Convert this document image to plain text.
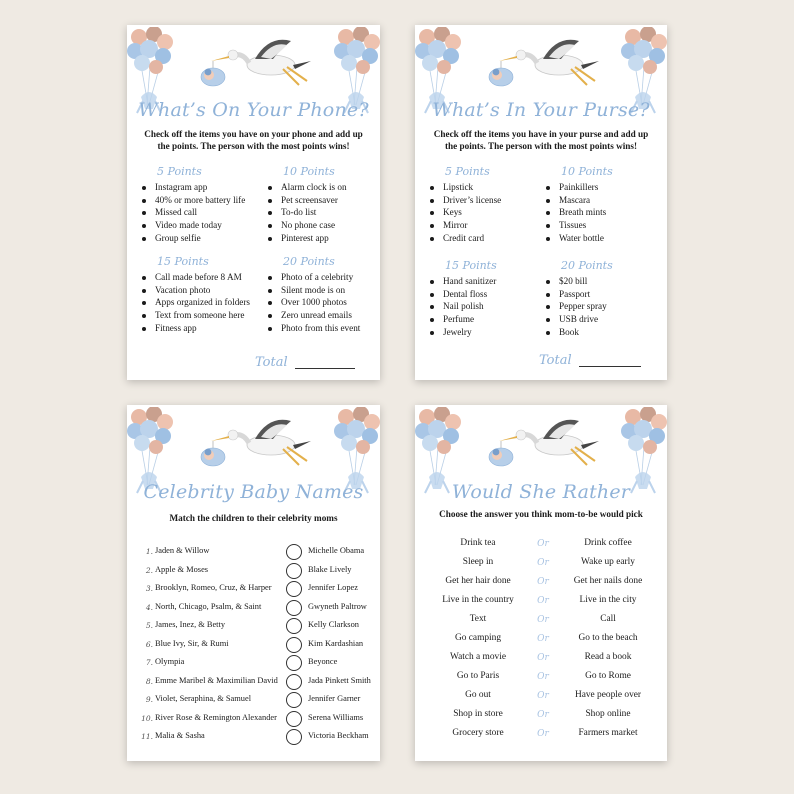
What’s On Your Phone?
Check off the items you have on your phone and add up the points. The person with the most points wins!
5 Points
Instagram app
40% or more battery life
Missed call
Video made today
Group selfie
10 Points
Alarm clock is on
Pet screensaver
To-do list
No phone case
Pinterest app
15 Points
Call made before 8 AM
Vacation photo
Apps organized in folders
Text from someone here
Fitness app
20 Points
Photo of a celebrity
Silent mode is on
Over 1000 photos
Zero unread emails
Photo from this event
Total
What’s In Your Purse?
Check off the items you have in your purse and add up the points. The person with the most points wins!
5 Points
Lipstick
Driver’s license
Keys
Mirror
Credit card
10 Points
Painkillers
Mascara
Breath mints
Tissues
Water bottle
15 Points
Hand sanitizer
Dental floss
Nail polish
Perfume
Jewelry
20 Points
$20 bill
Passport
Pepper spray
USB drive
Book
Total
Celebrity Baby Names
Match the children to their celebrity moms
1. Jaden & Willow	Michelle Obama
2. Apple & Moses	Blake Lively
3. Brooklyn, Romeo, Cruz, & Harper	Jennifer Lopez
4. North, Chicago, Psalm, & Saint	Gwyneth Paltrow
5. James, Inez, & Betty	Kelly Clarkson
6. Blue Ivy, Sir, & Rumi	Kim Kardashian
7. Olympia	Beyonce
8. Emme Maribel & Maximilian David	Jada Pinkett Smith
9. Violet, Seraphina, & Samuel	Jennifer Garner
10. River Rose & Remington Alexander	Serena Williams
11. Malia & Sasha	Victoria Beckham
Would She Rather
Choose the answer you think mom-to-be would pick
Drink tea	Or	Drink coffee
Sleep in	Or	Wake up early
Get her hair done	Or	Get her nails done
Live in the country	Or	Live in the city
Text	Or	Call
Go camping	Or	Go to the beach
Watch a movie	Or	Read a book
Go to Paris	Or	Go to Rome
Go out	Or	Have people over
Shop in store	Or	Shop online
Grocery store	Or	Farmers market
